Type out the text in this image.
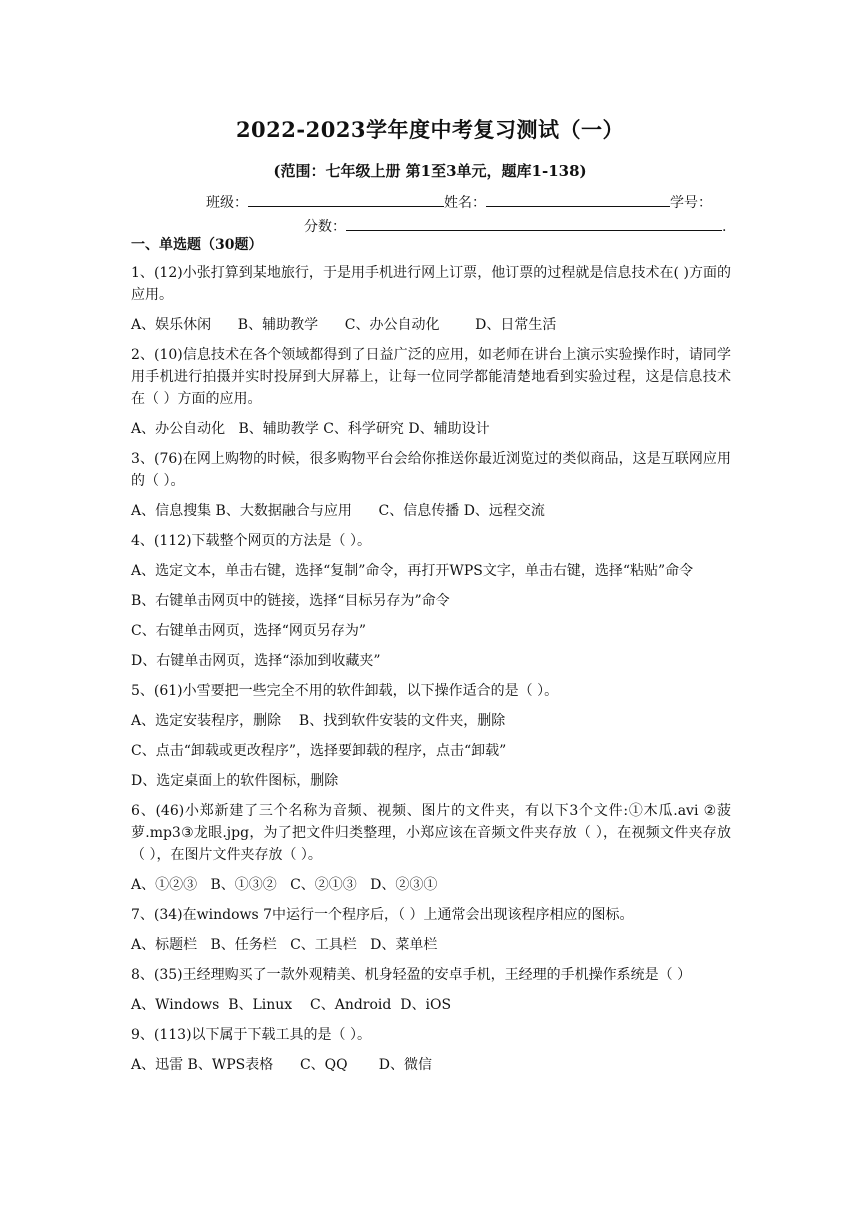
2022-2023学年度中考复习测试（一）
(范围：七年级上册 第1至3单元，题库1-138)
班级：	姓名：	学号：
分数：	.
一、单选题（30题）

1、(12)小张打算到某地旅行，于是用手机进行网上订票，他订票的过程就是信息技术在( )方面的应用。

A、娱乐休闲      B、辅助教学      C、办公自动化        D、日常生活

2、(10)信息技术在各个领域都得到了日益广泛的应用，如老师在讲台上演示实验操作时，请同学用手机进行拍摄并实时投屏到大屏幕上，让每一位同学都能清楚地看到实验过程，这是信息技术在（ ）方面的应用。

A、办公自动化   B、辅助教学 C、科学研究 D、辅助设计

3、(76)在网上购物的时候，很多购物平台会给你推送你最近浏览过的类似商品，这是互联网应用的（ ）。

A、信息搜集 B、大数据融合与应用      C、信息传播 D、远程交流

4、(112)下载整个网页的方法是（ ）。

A、选定文本，单击右键，选择“复制”命令，再打开WPS文字，单击右键，选择“粘贴”命令

B、右键单击网页中的链接，选择“目标另存为”命令

C、右键单击网页，选择“网页另存为”

D、右键单击网页，选择“添加到收藏夹”

5、(61)小雪要把一些完全不用的软件卸载，以下操作适合的是（ ）。

A、选定安装程序，删除    B、找到软件安装的文件夹，删除

C、点击“卸载或更改程序”，选择要卸载的程序，点击“卸载”

D、选定桌面上的软件图标，删除

6、(46)小郑新建了三个名称为音频、视频、图片的文件夹，有以下3个文件:①木瓜.avi ②菠萝.mp3③龙眼.jpg，为了把文件归类整理，小郑应该在音频文件夹存放（ ），在视频文件夹存放（ ），在图片文件夹存放（ ）。

A、①②③   B、①③②   C、②①③   D、②③①

7、(34)在windows 7中运行一个程序后，（ ）上通常会出现该程序相应的图标。

A、标题栏   B、任务栏   C、工具栏   D、菜单栏

8、(35)王经理购买了一款外观精美、机身轻盈的安卓手机，王经理的手机操作系统是（ ）

A、Windows  B、Linux    C、Android  D、iOS

9、(113)以下属于下载工具的是（ ）。

A、迅雷 B、WPS表格      C、QQ       D、微信
